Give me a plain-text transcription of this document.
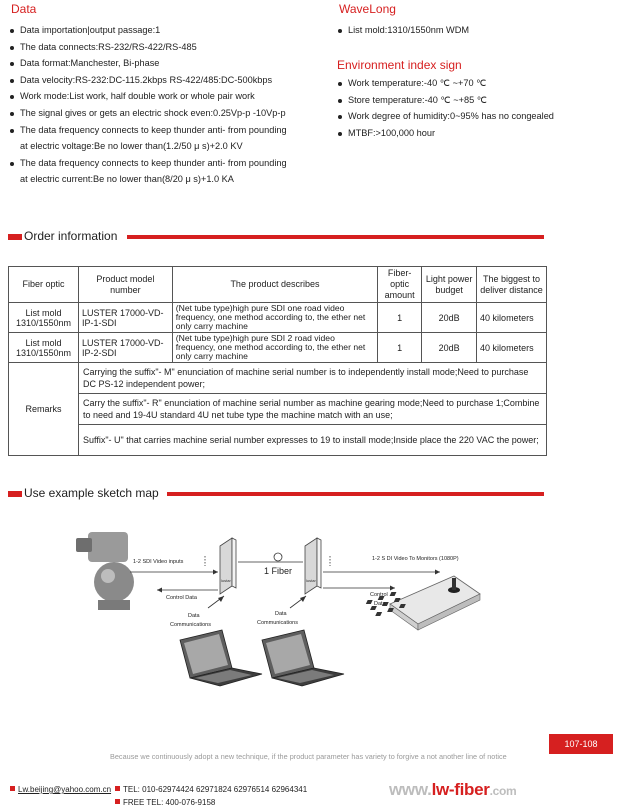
Data
Data importation|output passage:1
The data connects:RS-232/RS-422/RS-485
Data format:Manchester, Bi-phase
Data velocity:RS-232:DC-115.2kbps RS-422/485:DC-500kbps
Work mode:List work, half double work or whole pair work
The signal gives or gets an electric shock even:0.25Vp-p -10Vp-p
The data frequency connects to keep thunder anti- from pounding
at electric voltage:Be no lower than(1.2/50 μ s)+2.0 KV
The data frequency connects to keep thunder anti- from pounding
at electric current:Be no lower than(8/20 μ s)+1.0 KA
WaveLong
List mold:1310/1550nm WDM
Environment index sign
Work temperature:-40 ℃ ~+70 ℃
Store temperature:-40 ℃ ~+85 ℃
Work degree of humidity:0~95% has no congealed
MTBF:>100,000 hour
Order information
Fiber optic	Product model number	The product describes	Fiber-optic amount	Light power budget	The biggest to deliver distance
List mold 1310/1550nm	LUSTER 17000-VD-IP-1-SDI	(Net tube type)high pure SDI one road video frequency, one method according to, the ether net only carry machine	1	20dB	40 kilometers
List mold 1310/1550nm	LUSTER 17000-VD-IP-2-SDI	(Net tube type)high pure SDI 2 road video frequency, one method according to, the ether net only carry machine	1	20dB	40 kilometers
Remarks	Carrying the suffix"- M" enunciation of machine serial number is to independently install mode;Need to purchase DC PS-12 independent power;				
	Carry the suffix"- R" enunciation of machine serial number as machine gearing mode;Need to purchase 1;Combine to need and 19-4U standard 4U net tube type the machine match with an use;				
	Suffix"- U" that carries machine serial number expresses to 19 to install mode;Inside place the 220 VAC the power;				
Use example sketch map
lustar	lustar
1-2 SDI Video inputs
1 Fiber
1-2 S DI Video To Monitors (1080P)
Control Data	Control
Data
Data
Communications
Data
Communications
Because we continuously adopt a new technique, if the product parameter has variety to forgive a not another line of notice
107-108
Lw.beijing@yahoo.com.cn	TEL: 010-62974424 62971824 62976514 62964341
FREE TEL: 400-076-9158
www.lw-fiber.com
